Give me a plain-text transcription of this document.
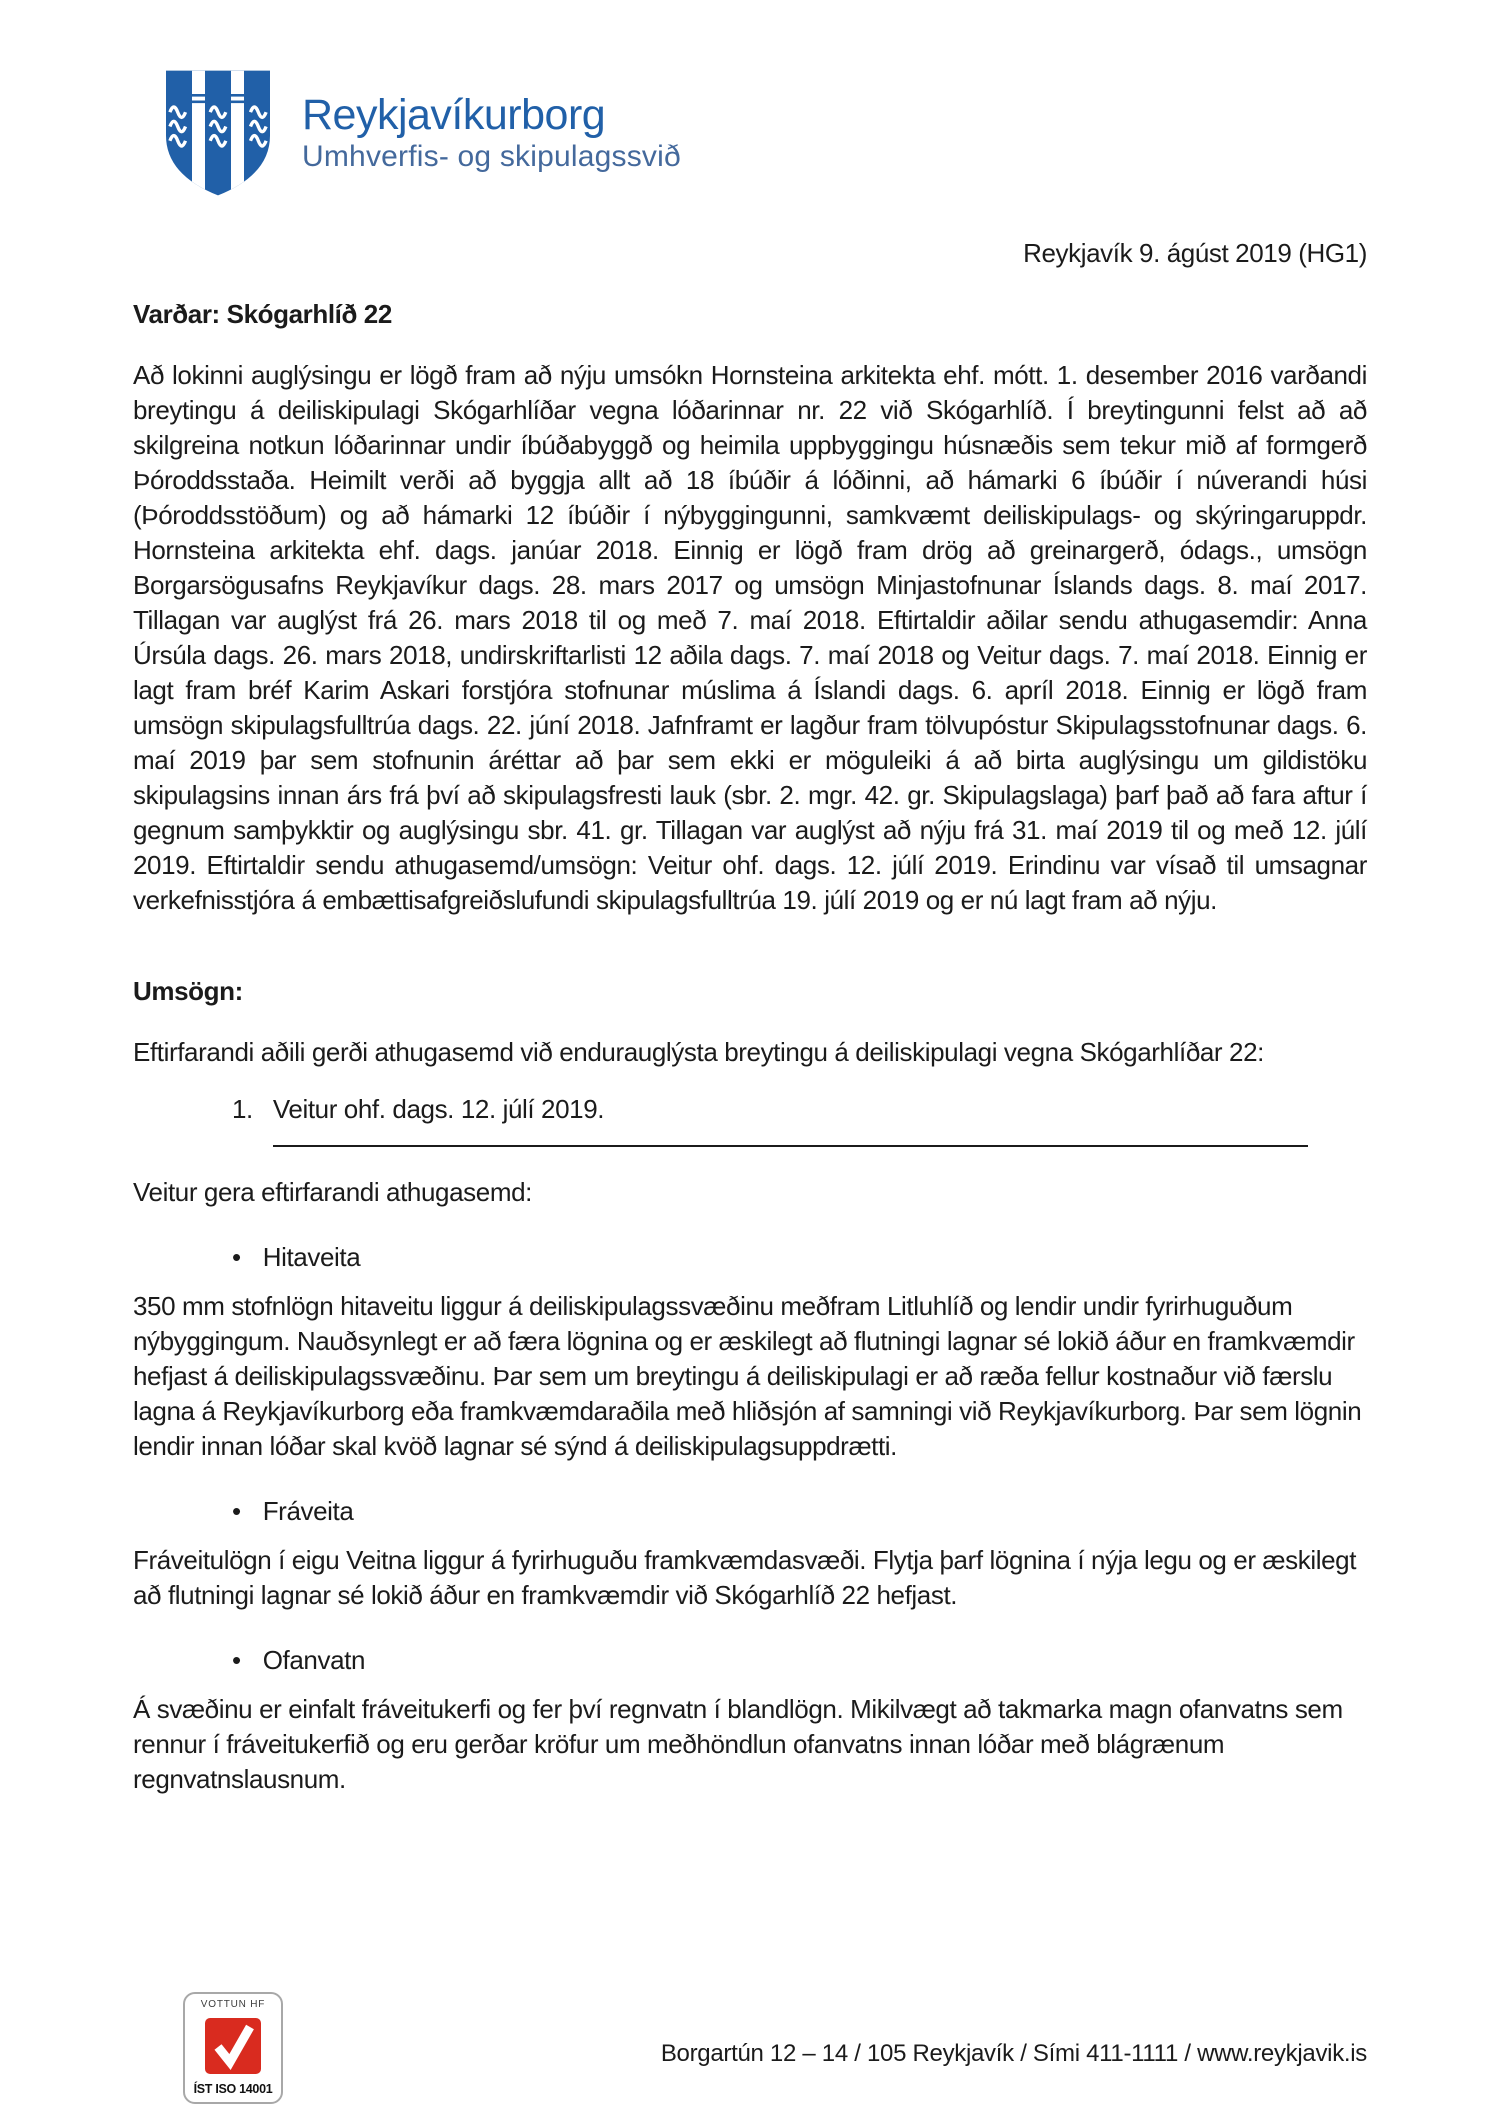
Reykjavíkurborg
Umhverfis- og skipulagssvið

Reykjavík 9. ágúst 2019 (HG1)

Varðar: Skógarhlíð 22

Að lokinni auglýsingu er lögð fram að nýju umsókn Hornsteina arkitekta ehf. mótt. 1. desember 2016 varðandi breytingu á deiliskipulagi Skógarhlíðar vegna lóðarinnar nr. 22 við Skógarhlíð. Í breytingunni felst að að skilgreina notkun lóðarinnar undir íbúðabyggð og heimila uppbyggingu húsnæðis sem tekur mið af formgerð Þóroddsstaða. Heimilt verði að byggja allt að 18 íbúðir á lóðinni, að hámarki 6 íbúðir í núverandi húsi (Þóroddsstöðum) og að hámarki 12 íbúðir í nýbyggingunni, samkvæmt deiliskipulags- og skýringaruppdr. Hornsteina arkitekta ehf. dags. janúar 2018. Einnig er lögð fram drög að greinargerð, ódags., umsögn Borgarsögusafns Reykjavíkur dags. 28. mars 2017 og umsögn Minjastofnunar Íslands dags. 8. maí 2017. Tillagan var auglýst frá 26. mars 2018 til og með 7. maí 2018. Eftirtaldir aðilar sendu athugasemdir: Anna Úrsúla dags. 26. mars 2018, undirskriftarlisti 12 aðila dags. 7. maí 2018 og Veitur dags. 7. maí 2018. Einnig er lagt fram bréf Karim Askari forstjóra stofnunar múslima á Íslandi dags. 6. apríl 2018. Einnig er lögð fram umsögn skipulagsfulltrúa dags. 22. júní 2018. Jafnframt er lagður fram tölvupóstur Skipulagsstofnunar dags. 6. maí 2019 þar sem stofnunin áréttar að þar sem ekki er möguleiki á að birta auglýsingu um gildistöku skipulagsins innan árs frá því að skipulagsfresti lauk (sbr. 2. mgr. 42. gr. Skipulagslaga) þarf það að fara aftur í gegnum samþykktir og auglýsingu sbr. 41. gr. Tillagan var auglýst að nýju frá 31. maí 2019 til og með 12. júlí 2019. Eftirtaldir sendu athugasemd/umsögn: Veitur ohf. dags. 12. júlí 2019. Erindinu var vísað til umsagnar verkefnisstjóra á embættisafgreiðslufundi skipulagsfulltrúa 19. júlí 2019 og er nú lagt fram að nýju.

Umsögn:

Eftirfarandi aðili gerði athugasemd við endurauglýsta breytingu á deiliskipulagi vegna Skógarhlíðar 22:

1. Veitur ohf. dags. 12. júlí 2019.

Veitur gera eftirfarandi athugasemd:

• Hitaveita

350 mm stofnlögn hitaveitu liggur á deiliskipulagssvæðinu meðfram Litluhlíð og lendir undir fyrirhuguðum nýbyggingum. Nauðsynlegt er að færa lögnina og er æskilegt að flutningi lagnar sé lokið áður en framkvæmdir hefjast á deiliskipulagssvæðinu. Þar sem um breytingu á deiliskipulagi er að ræða fellur kostnaður við færslu lagna á Reykjavíkurborg eða framkvæmdaraðila með hliðsjón af samningi við Reykjavíkurborg. Þar sem lögnin lendir innan lóðar skal kvöð lagnar sé sýnd á deiliskipulagsuppdrætti.

• Fráveita

Fráveitulögn í eigu Veitna liggur á fyrirhuguðu framkvæmdasvæði. Flytja þarf lögnina í nýja legu og er æskilegt að flutningi lagnar sé lokið áður en framkvæmdir við Skógarhlíð 22 hefjast.

• Ofanvatn

Á svæðinu er einfalt fráveitukerfi og fer því regnvatn í blandlögn. Mikilvægt að takmarka magn ofanvatns sem rennur í fráveitukerfið og eru gerðar kröfur um meðhöndlun ofanvatns innan lóðar með blágrænum regnvatnslausnum.

VOTTUN HF
ÍST ISO 14001
Borgartún 12 – 14 / 105 Reykjavík / Sími 411-1111 / www.reykjavik.is
